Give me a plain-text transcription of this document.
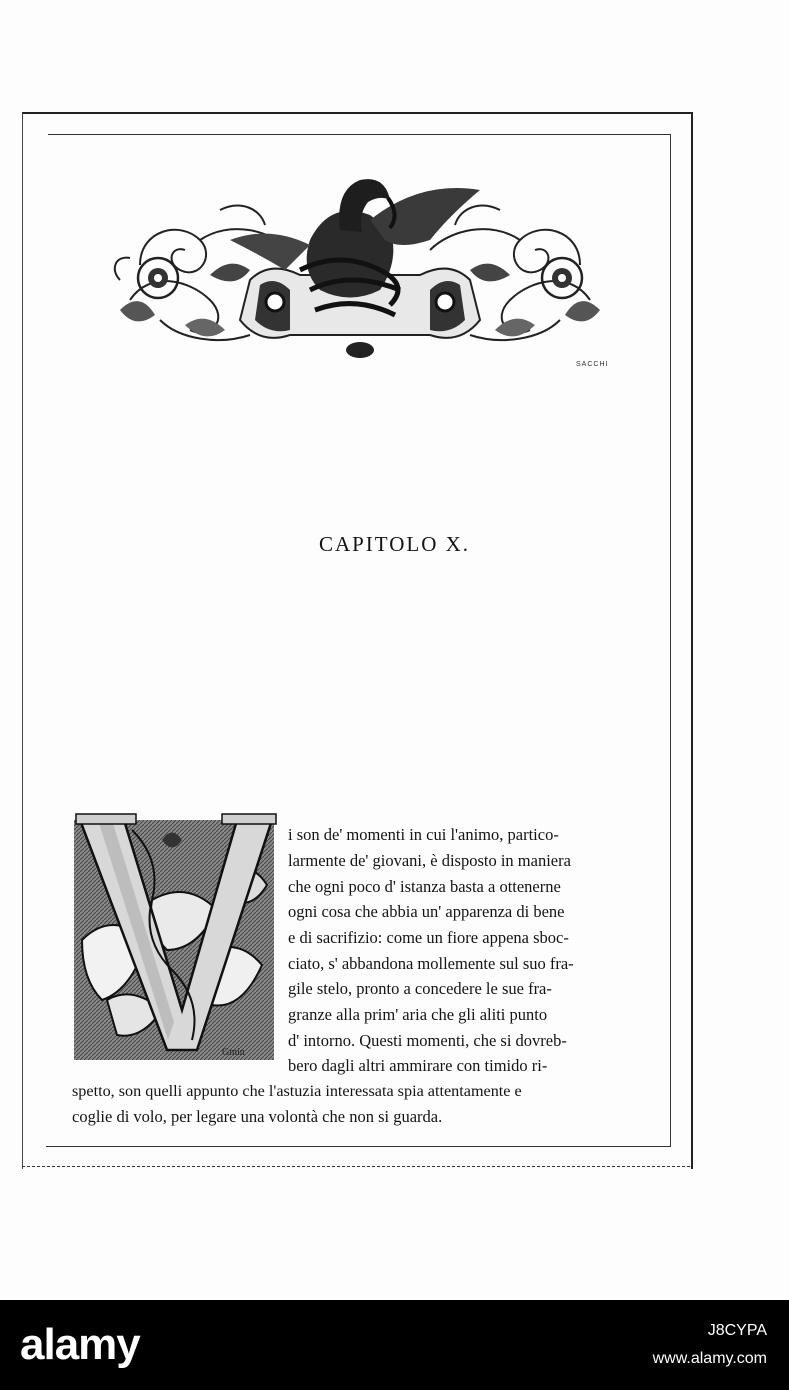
SACCHI
CAPITOLO X.
Gmin
i son de' momenti in cui l'animo, partico-
larmente de' giovani, è disposto in maniera
che ogni poco d' istanza basta a ottenerne
ogni cosa che abbia un' apparenza di bene
e di sacrifizio: come un fiore appena sboc-
ciato, s' abbandona mollemente sul suo fra-
gile stelo, pronto a concedere le sue fra-
granze alla prim' aria che gli aliti punto
d' intorno. Questi momenti, che si dovreb-
bero dagli altri ammirare con timido ri-
spetto, son quelli appunto che l'astuzia interessata spia attentamente e
coglie di volo, per legare una volontà che non si guarda.
alamy	J8CYPA
www.alamy.com
